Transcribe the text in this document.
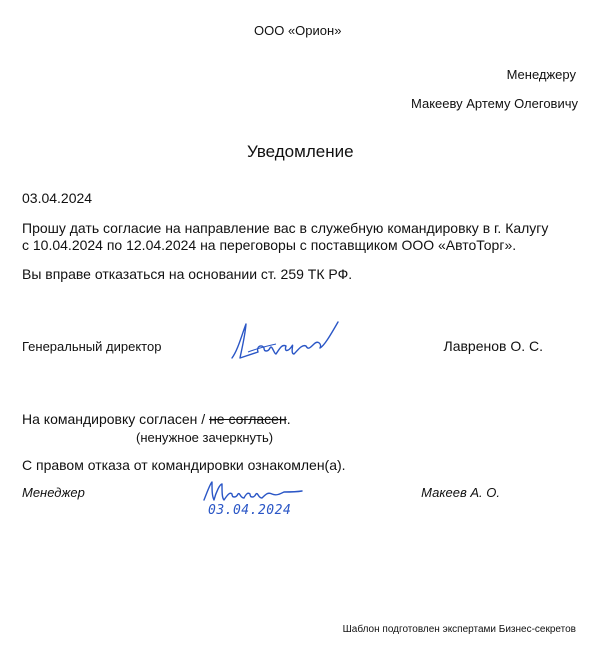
ООО «Орион»
Менеджеру
Макееву Артему Олеговичу
Уведомление
03.04.2024
Прошу дать согласие на направление вас в служебную командировку в г. Калугу
с 10.04.2024 по 12.04.2024 на переговоры с поставщиком ООО «АвтоТорг».
Вы вправе отказаться на основании ст. 259 ТК РФ.
Генеральный директор	Лавренов О. С.
На командировку согласен / не согласен.
(ненужное зачеркнуть)
С правом отказа от командировки ознакомлен(а).
Менеджер
03.04.2024
Макеев А. О.
Шаблон подготовлен экспертами Бизнес-секретов
